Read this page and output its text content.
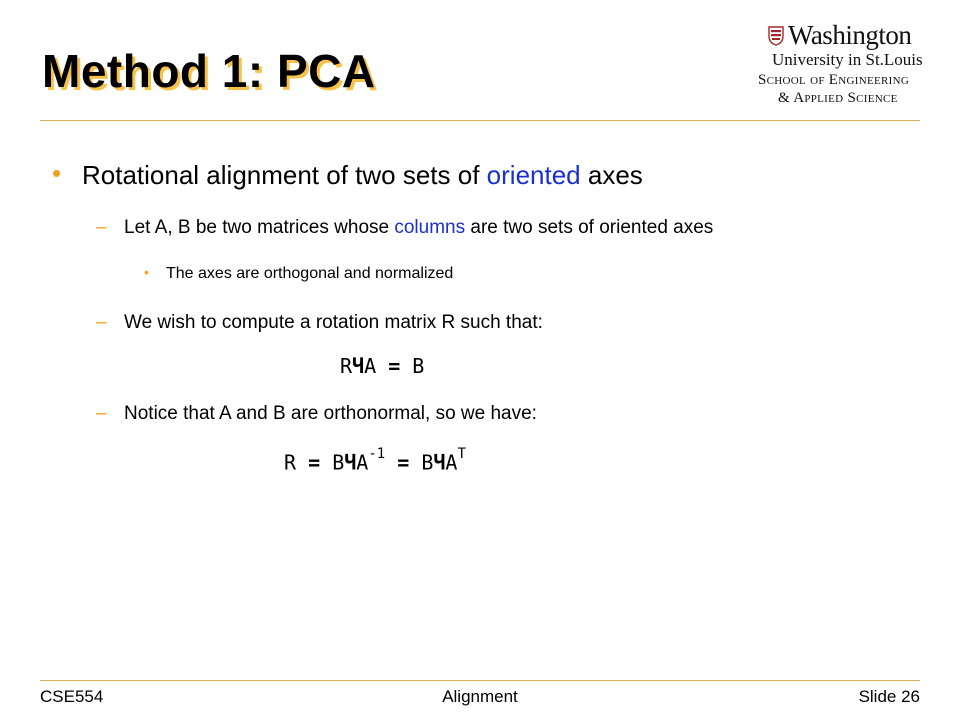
Method 1: PCA
Washington
University in St.Louis
School of Engineering
& Applied Science
• Rotational alignment of two sets of oriented axes
– Let A, B be two matrices whose columns are two sets of oriented axes
• The axes are orthogonal and normalized
– We wish to compute a rotation matrix R such that:
RЧA = B
– Notice that A and B are orthonormal, so we have:
$R = BЧA^{-1} = BЧA^T$
CSE554	Alignment	Slide 26
